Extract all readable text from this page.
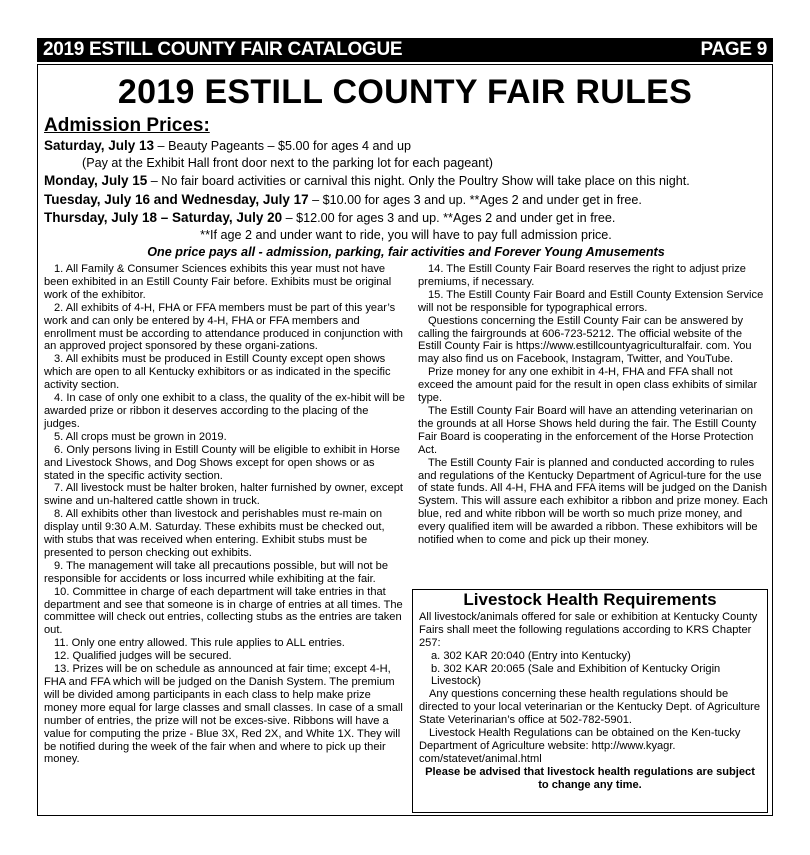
2019 ESTILL COUNTY FAIR CATALOGUE	PAGE 9
2019 ESTILL COUNTY FAIR RULES
Admission Prices:

Saturday, July 13 – Beauty Pageants – $5.00 for ages 4 and up

(Pay at the Exhibit Hall front door next to the parking lot for each pageant)

Monday, July 15 – No fair board activities or carnival this night. Only the Poultry Show will take place on this night.

Tuesday, July 16 and Wednesday, July 17 – $10.00 for ages 3 and up. **Ages 2 and under get in free.

Thursday, July 18 – Saturday, July 20 – $12.00 for ages 3 and up. **Ages 2 and under get in free.

**If age 2 and under want to ride, you will have to pay full admission price.

One price pays all - admission, parking, fair activities and Forever Young Amusements

1. All Family & Consumer Sciences exhibits this year must not have been exhibited in an Estill County Fair before. Exhibits must be original work of the exhibitor.

2. All exhibits of 4-H, FHA or FFA members must be part of this year’s work and can only be entered by 4-H, FHA or FFA members and enrollment must be according to attendance produced in conjunction with an approved project sponsored by these organi-zations.

3. All exhibits must be produced in Estill County except open shows which are open to all Kentucky exhibitors or as indicated in the specific activity section.

4. In case of only one exhibit to a class, the quality of the ex-hibit will be awarded prize or ribbon it deserves according to the placing of the judges.

5. All crops must be grown in 2019.

6. Only persons living in Estill County will be eligible to exhibit in Horse and Livestock Shows, and Dog Shows except for open shows or as stated in the specific activity section.

7. All livestock must be halter broken, halter furnished by owner, except swine and un-haltered cattle shown in truck.

8. All exhibits other than livestock and perishables must re-main on display until 9:30 A.M. Saturday. These exhibits must be checked out, with stubs that was received when entering. Exhibit stubs must be presented to person checking out exhibits.

9. The management will take all precautions possible, but will not be responsible for accidents or loss incurred while exhibiting at the fair.

10. Committee in charge of each department will take entries in that department and see that someone is in charge of entries at all times. The committee will check out entries, collecting stubs as the entries are taken out.

11. Only one entry allowed. This rule applies to ALL entries.

12. Qualified judges will be secured.

13. Prizes will be on schedule as announced at fair time; except 4-H, FHA and FFA which will be judged on the Danish System. The premium will be divided among participants in each class to help make prize money more equal for large classes and small classes. In case of a small number of entries, the prize will not be exces-sive. Ribbons will have a value for computing the prize - Blue 3X, Red 2X, and White 1X. They will be notified during the week of the fair when and where to pick up their money.

14. The Estill County Fair Board reserves the right to adjust prize premiums, if necessary.

15. The Estill County Fair Board and Estill County Extension Service will not be responsible for typographical errors.

Questions concerning the Estill County Fair can be answered by calling the fairgrounds at 606-723-5212. The official website of the Estill County Fair is https://www.estillcountyagriculturalfair. com. You may also find us on Facebook, Instagram, Twitter, and YouTube.

Prize money for any one exhibit in 4-H, FHA and FFA shall not exceed the amount paid for the result in open class exhibits of similar type.

The Estill County Fair Board will have an attending veterinarian on the grounds at all Horse Shows held during the fair. The Estill County Fair Board is cooperating in the enforcement of the Horse Protection Act.

The Estill County Fair is planned and conducted according to rules and regulations of the Kentucky Department of Agricul-ture for the use of state funds. All 4-H, FHA and FFA items will be judged on the Danish System. This will assure each exhibitor a ribbon and prize money. Each blue, red and white ribbon will be worth so much prize money, and every qualified item will be awarded a ribbon. These exhibitors will be notified when to come and pick up their money.

Livestock Health Requirements

All livestock/animals offered for sale or exhibition at Kentucky County Fairs shall meet the following regulations according to KRS Chapter 257:

a. 302 KAR 20:040 (Entry into Kentucky)

b. 302 KAR 20:065 (Sale and Exhibition of Kentucky Origin Livestock)

Any questions concerning these health regulations should be directed to your local veterinarian or the Kentucky Dept. of Agriculture State Veterinarian’s office at 502-782-5901.

Livestock Health Regulations can be obtained on the Ken-tucky Department of Agriculture website: http://www.kyagr. com/statevet/animal.html

Please be advised that livestock health regulations are subject to change any time.
